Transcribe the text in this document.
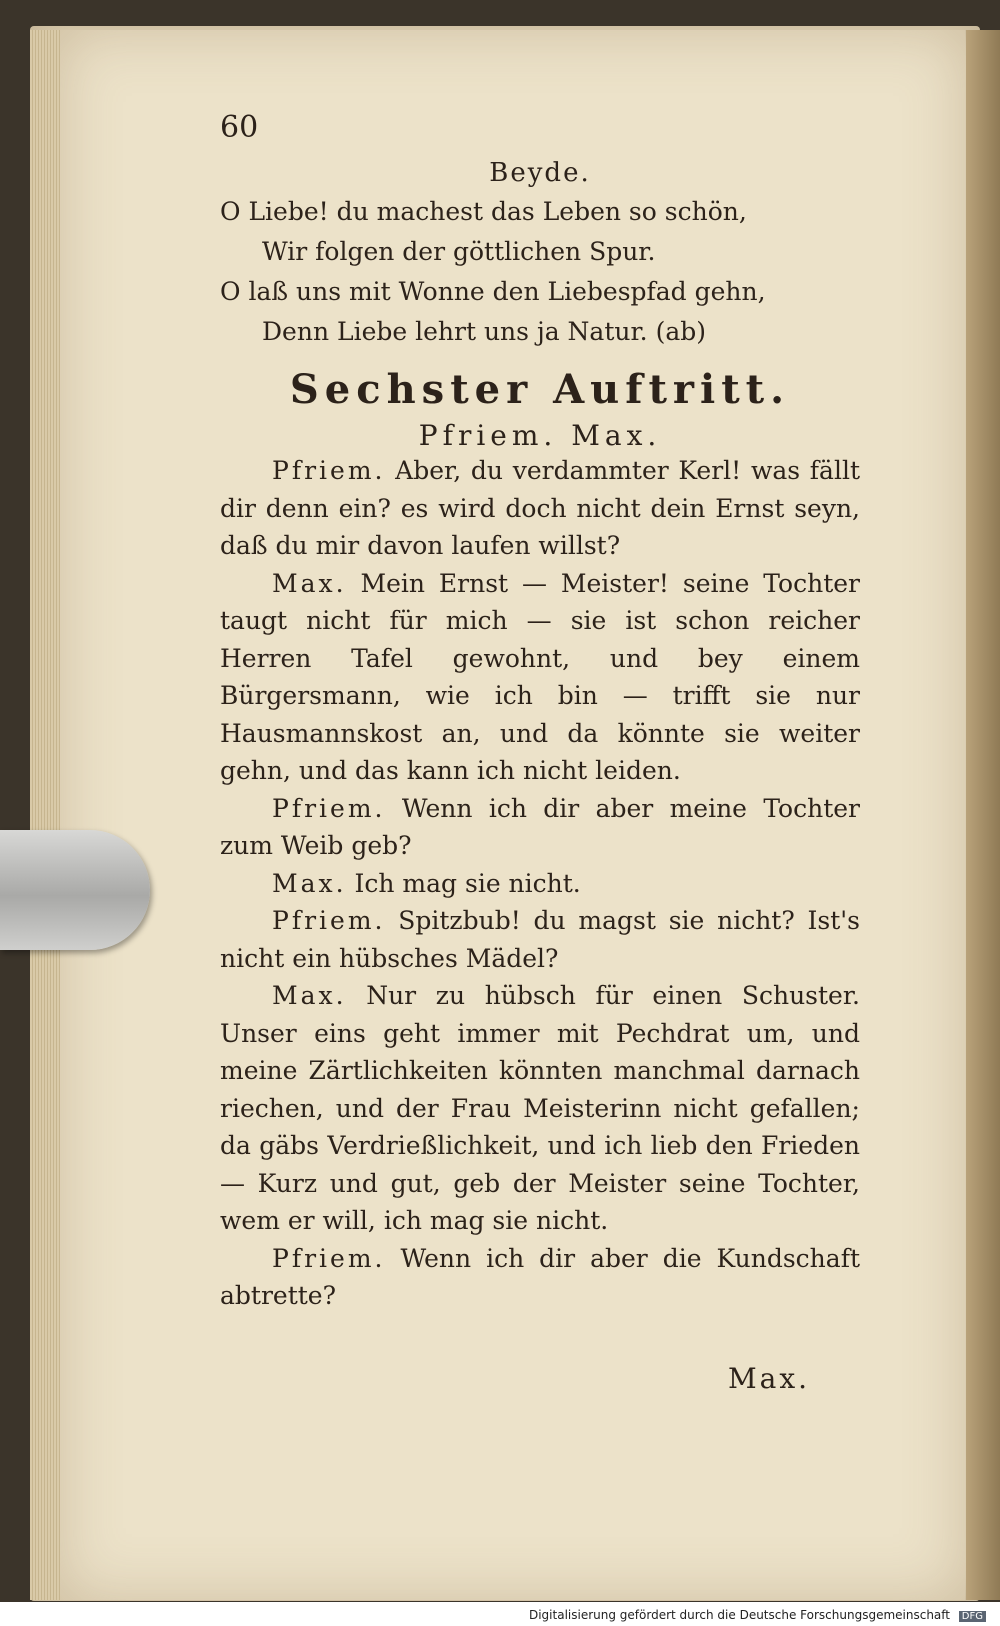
60
Beyde.
O Liebe! du machest das Leben so schön,
Wir folgen der göttlichen Spur.
O laß uns mit Wonne den Liebespfad gehn,
Denn Liebe lehrt uns ja Natur. (ab)
Sechster Auftritt.
Pfriem. Max.

Pfriem. Aber, du verdammter Kerl! was fällt dir denn ein? es wird doch nicht dein Ernst seyn, daß du mir davon laufen willst?

Max. Mein Ernst — Meister! seine Tochter taugt nicht für mich — sie ist schon reicher Herren Tafel gewohnt, und bey einem Bürgersmann, wie ich bin — trifft sie nur Hausmannskost an, und da könnte sie weiter gehn, und das kann ich nicht leiden.

Pfriem. Wenn ich dir aber meine Tochter zum Weib geb?

Max. Ich mag sie nicht.

Pfriem. Spitzbub! du magst sie nicht? Ist's nicht ein hübsches Mädel?

Max. Nur zu hübsch für einen Schuster. Unser eins geht immer mit Pechdrat um, und meine Zärtlichkeiten könnten manchmal darnach riechen, und der Frau Meisterinn nicht gefallen; da gäbs Verdrießlichkeit, und ich lieb den Frieden — Kurz und gut, geb der Meister seine Tochter, wem er will, ich mag sie nicht.

Pfriem. Wenn ich dir aber die Kundschaft abtrette?

Max.
Digitalisierung gefördert durch die Deutsche Forschungsgemeinschaft	DFG
